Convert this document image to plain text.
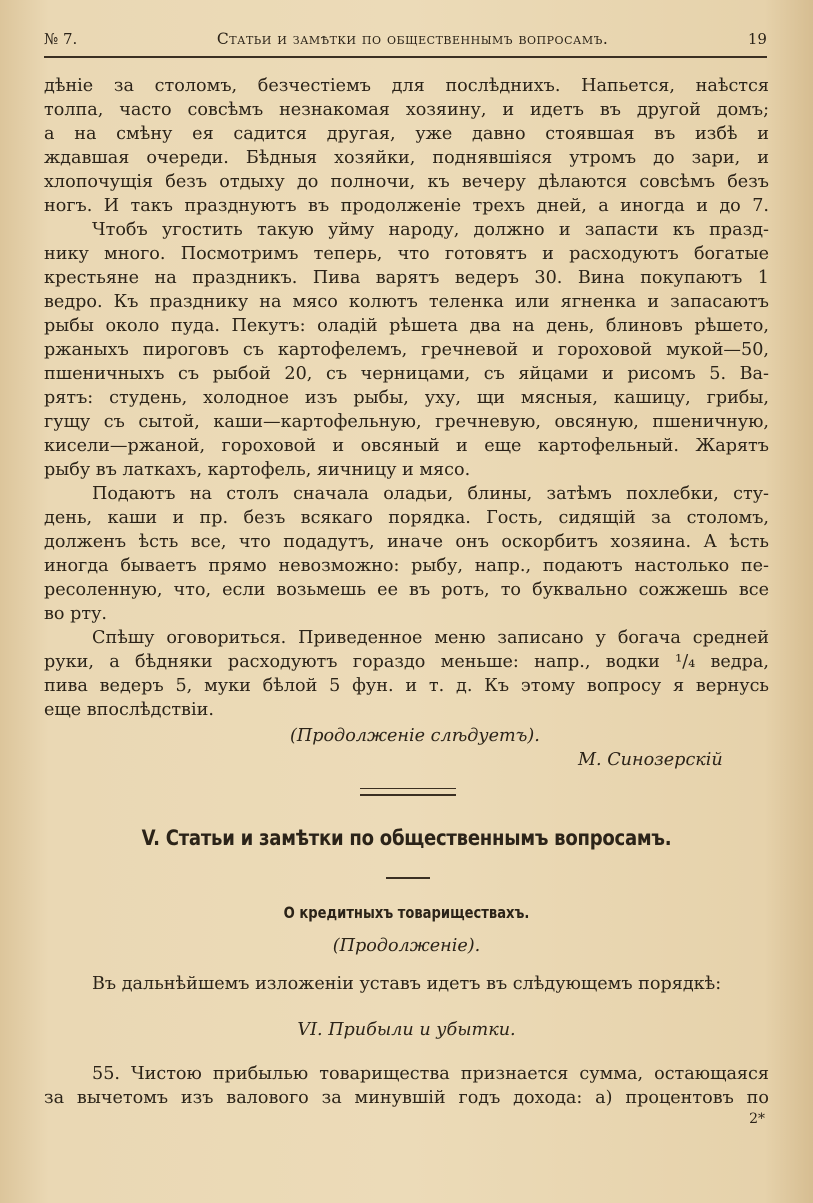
№ 7.	Статьи и замѣтки по общественнымъ вопросамъ.	19
дѣніе за столомъ, безчестіемъ для послѣднихъ. Напьется, наѣстся
толпа, часто совсѣмъ незнакомая хозяину, и идетъ въ другой домъ;
а на смѣну ея садится другая, уже давно стоявшая въ избѣ и
ждавшая очереди. Бѣдныя хозяйки, поднявшіяся утромъ до зари, и
хлопочущія безъ отдыху до полночи, къ вечеру дѣлаются совсѣмъ безъ
ногъ. И такъ празднуютъ въ продолженіе трехъ дней, а иногда и до 7.
Чтобъ угостить такую уйму народу, должно и запасти къ празд-
нику много. Посмотримъ теперь, что готовятъ и расходуютъ богатые
крестьяне на праздникъ. Пива варятъ ведеръ 30. Вина покупаютъ 1
ведро. Къ празднику на мясо колютъ теленка или ягненка и запасаютъ
рыбы около пуда. Пекутъ: оладій рѣшета два на день, блиновъ рѣшето,
ржаныхъ пироговъ съ картофелемъ, гречневой и гороховой мукой—50,
пшеничныхъ съ рыбой 20, съ черницами, съ яйцами и рисомъ 5. Ва-
рятъ: студень, холодное изъ рыбы, уху, щи мясныя, кашицу, грибы,
гущу съ сытой, каши—картофельную, гречневую, овсяную, пшеничную,
кисели—ржаной, гороховой и овсяный и еще картофельный. Жарятъ
рыбу въ латкахъ, картофель, яичницу и мясо.
Подаютъ на столъ сначала оладьи, блины, затѣмъ похлебки, сту-
день, каши и пр. безъ всякаго порядка. Гость, сидящій за столомъ,
долженъ ѣсть все, что подадутъ, иначе онъ оскорбитъ хозяина. А ѣсть
иногда бываетъ прямо невозможно: рыбу, напр., подаютъ настолько пе-
ресоленную, что, если возьмешь ее въ ротъ, то буквально сожжешь все
во рту.
Спѣшу оговориться. Приведенное меню записано у богача средней
руки, а бѣдняки расходуютъ гораздо меньше: напр., водки ¹/₄ ведра,
пива ведеръ 5, муки бѣлой 5 фун. и т. д. Къ этому вопросу я вернусь
еще впослѣдствіи.
(Продолженіе слѣдуетъ).
М. Синозерскій
V. Статьи и замѣтки по общественнымъ вопросамъ.
О кредитныхъ товариществахъ.
(Продолженіе).
Въ дальнѣйшемъ изложеніи уставъ идетъ въ слѣдующемъ порядкѣ:
VI. Прибыли и убытки.
55. Чистою прибылью товарищества признается сумма, остающаяся
за вычетомъ изъ валового за минувшій годъ дохода: а) процентовъ по
2*
